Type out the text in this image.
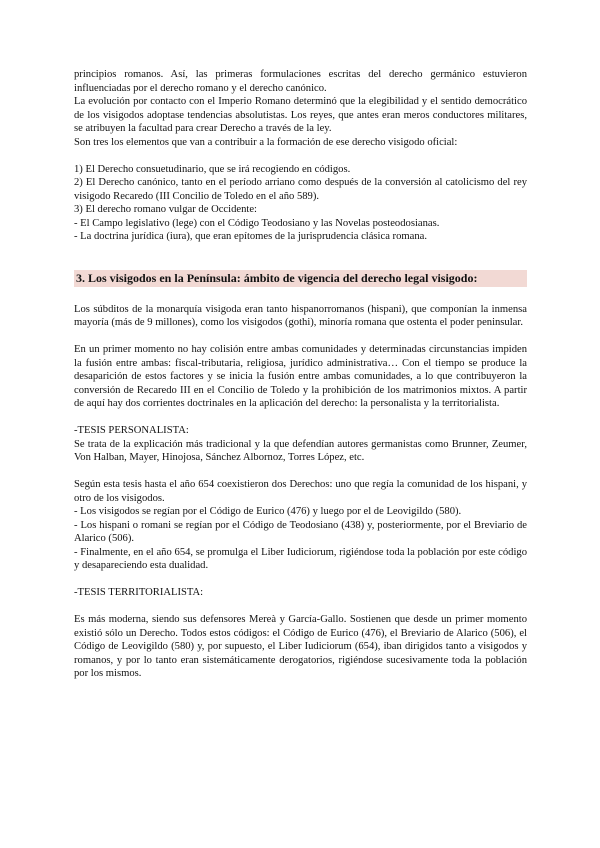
principios romanos. Así, las primeras formulaciones escritas del derecho germánico estuvieron influenciadas por el derecho romano y el derecho canónico.

La evolución por contacto con el Imperio Romano determinó que la elegibilidad y el sentido democrático de los visigodos adoptase tendencias absolutistas. Los reyes, que antes eran meros conductores militares, se atribuyen la facultad para crear Derecho a través de la ley.

Son tres los elementos que van a contribuir a la formación de ese derecho visigodo oficial:

1) El Derecho consuetudinario, que se irá recogiendo en códigos.

2) El Derecho canónico, tanto en el período arriano como después de la conversión al catolicismo del rey visigodo Recaredo (III Concilio de Toledo en el año 589).

3) El derecho romano vulgar de Occidente:

- El Campo legislativo (lege) con el Código Teodosiano y las Novelas posteodosianas.

- La doctrina jurídica (iura), que eran epítomes de la jurisprudencia clásica romana.

3. Los visigodos en la Península: ámbito de vigencia del derecho legal visigodo:

Los súbditos de la monarquía visigoda eran tanto hispanorromanos (hispani), que componían la inmensa mayoría (más de 9 millones), como los visigodos (gothi), minoría romana que ostenta el poder peninsular.

En un primer momento no hay colisión entre ambas comunidades y determinadas circunstancias impiden la fusión entre ambas: fiscal-tributaria, religiosa, jurídico administrativa… Con el tiempo se produce la desaparición de estos factores y se inicia la fusión entre ambas comunidades, a lo que contribuyeron la conversión de Recaredo III en el Concilio de Toledo y la prohibición de los matrimonios mixtos. A partir de aquí hay dos corrientes doctrinales en la aplicación del derecho: la personalista y la territorialista.

-TESIS PERSONALISTA:

Se trata de la explicación más tradicional y la que defendían autores germanistas como Brunner, Zeumer, Von Halban, Mayer, Hinojosa, Sánchez Albornoz, Torres López, etc.

Según esta tesis hasta el año 654 coexistieron dos Derechos: uno que regía la comunidad de los hispani, y otro de los visigodos.

- Los visigodos se regían por el Código de Eurico (476) y luego por el de Leovigildo (580).

- Los hispani o romani se regían por el Código de Teodosiano (438) y, posteriormente, por el Breviario de Alarico (506).

- Finalmente, en el año 654, se promulga el Liber Iudiciorum, rigiéndose toda la población por este código y desapareciendo esta dualidad.

-TESIS TERRITORIALISTA:

Es más moderna, siendo sus defensores Mereà y García-Gallo. Sostienen que desde un primer momento existió sólo un Derecho. Todos estos códigos: el Código de Eurico (476), el Breviario de Alarico (506), el Código de Leovigildo (580) y, por supuesto, el Liber Iudiciorum (654), iban dirigidos tanto a visigodos y romanos, y por lo tanto eran sistemáticamente derogatorios, rigiéndose sucesivamente toda la población por los mismos.
